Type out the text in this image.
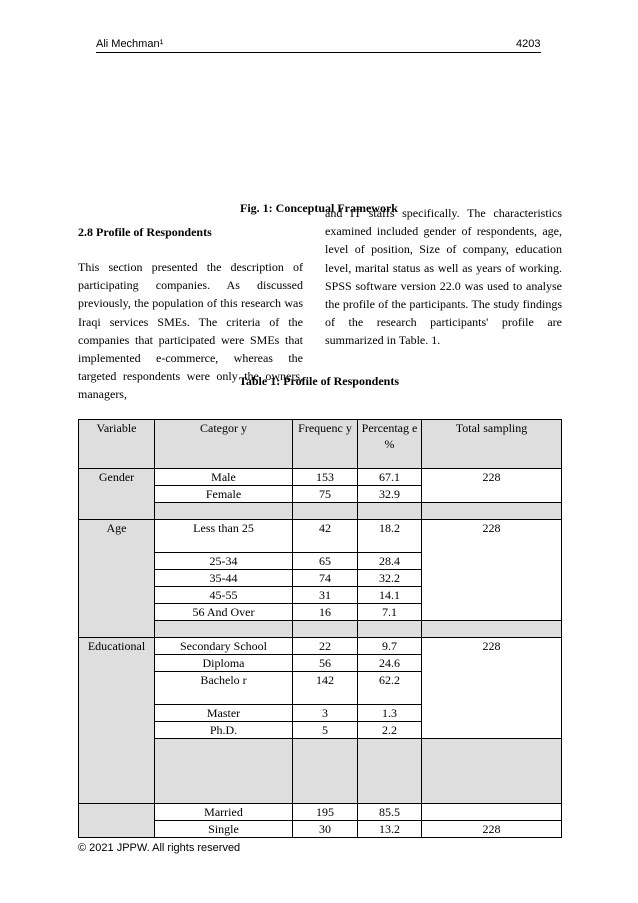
Ali Mechman¹	4203
Fig. 1: Conceptual Framework
2.8 Profile of Respondents
This section presented the description of participating companies. As discussed previously, the population of this research was Iraqi services SMEs. The criteria of the companies that participated were SMEs that implemented e-commerce, whereas the targeted respondents were only the owners, managers,
and IT staffs specifically. The characteristics examined included gender of respondents, age, level of position, Size of company, education level, marital status as well as years of working. SPSS software version 22.0 was used to analyse the profile of the participants. The study findings of the research participants' profile are summarized in Table. 1.
Table 1: Profile of Respondents
Variable	Categor y	Frequenc y	Percentag e %	Total sampling
Gender	Male	153	67.1	228
	Female	75	32.9	

Age	Less than 25	42	18.2	228
	25-34	65	28.4	
	35-44	74	32.2	
	45-55	31	14.1	
	56 And Over	16	7.1	

Educational	Secondary School	22	9.7	228
	Diploma	56	24.6	
	Bachelo r	142	62.2	
	Master	3	1.3	
	Ph.D.	5	2.2	

	Married	195	85.5	
	Single	30	13.2	228
© 2021 JPPW. All rights reserved
